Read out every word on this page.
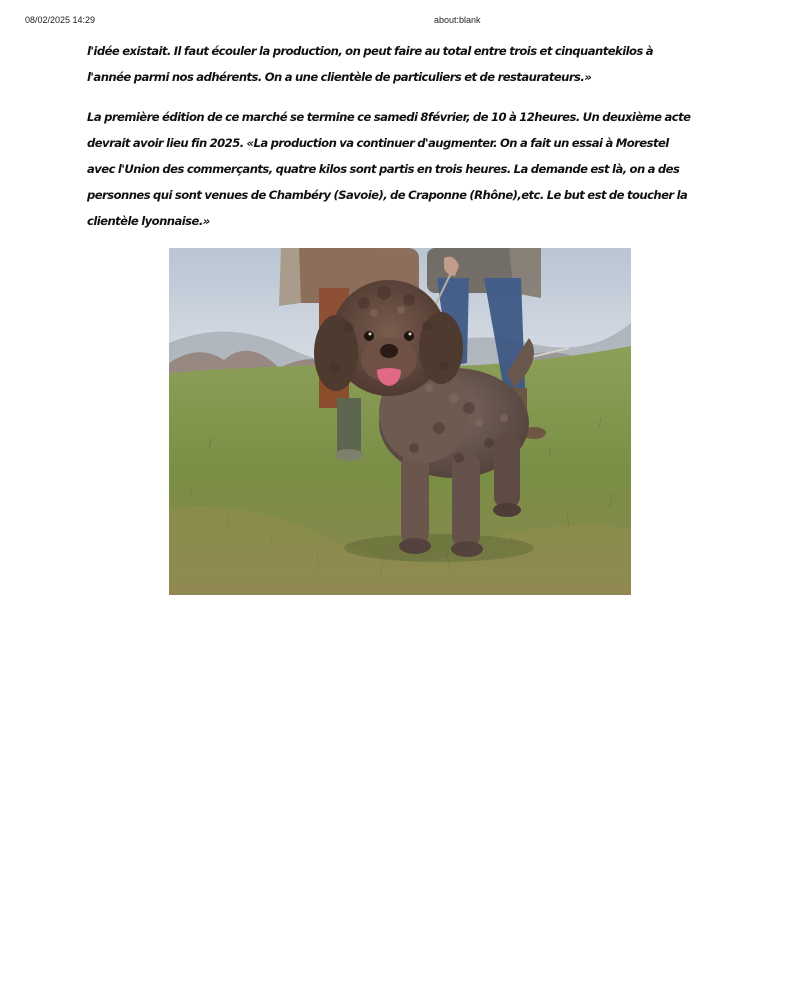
08/02/2025 14:29	about:blank

l'idée existait. Il faut écouler la production, on peut faire au total entre trois et cinquantekilos à

l'année parmi nos adhérents. On a une clientèle de particuliers et de restaurateurs.»

La première édition de ce marché se termine ce samedi 8février, de 10 à 12heures. Un deuxième acte

devrait avoir lieu fin 2025. «La production va continuer d'augmenter. On a fait un essai à Morestel

avec l'Union des commerçants, quatre kilos sont partis en trois heures. La demande est là, on a des

personnes qui sont venues de Chambéry (Savoie), de Craponne (Rhône),etc. Le but est de toucher la

clientèle lyonnaise.»
